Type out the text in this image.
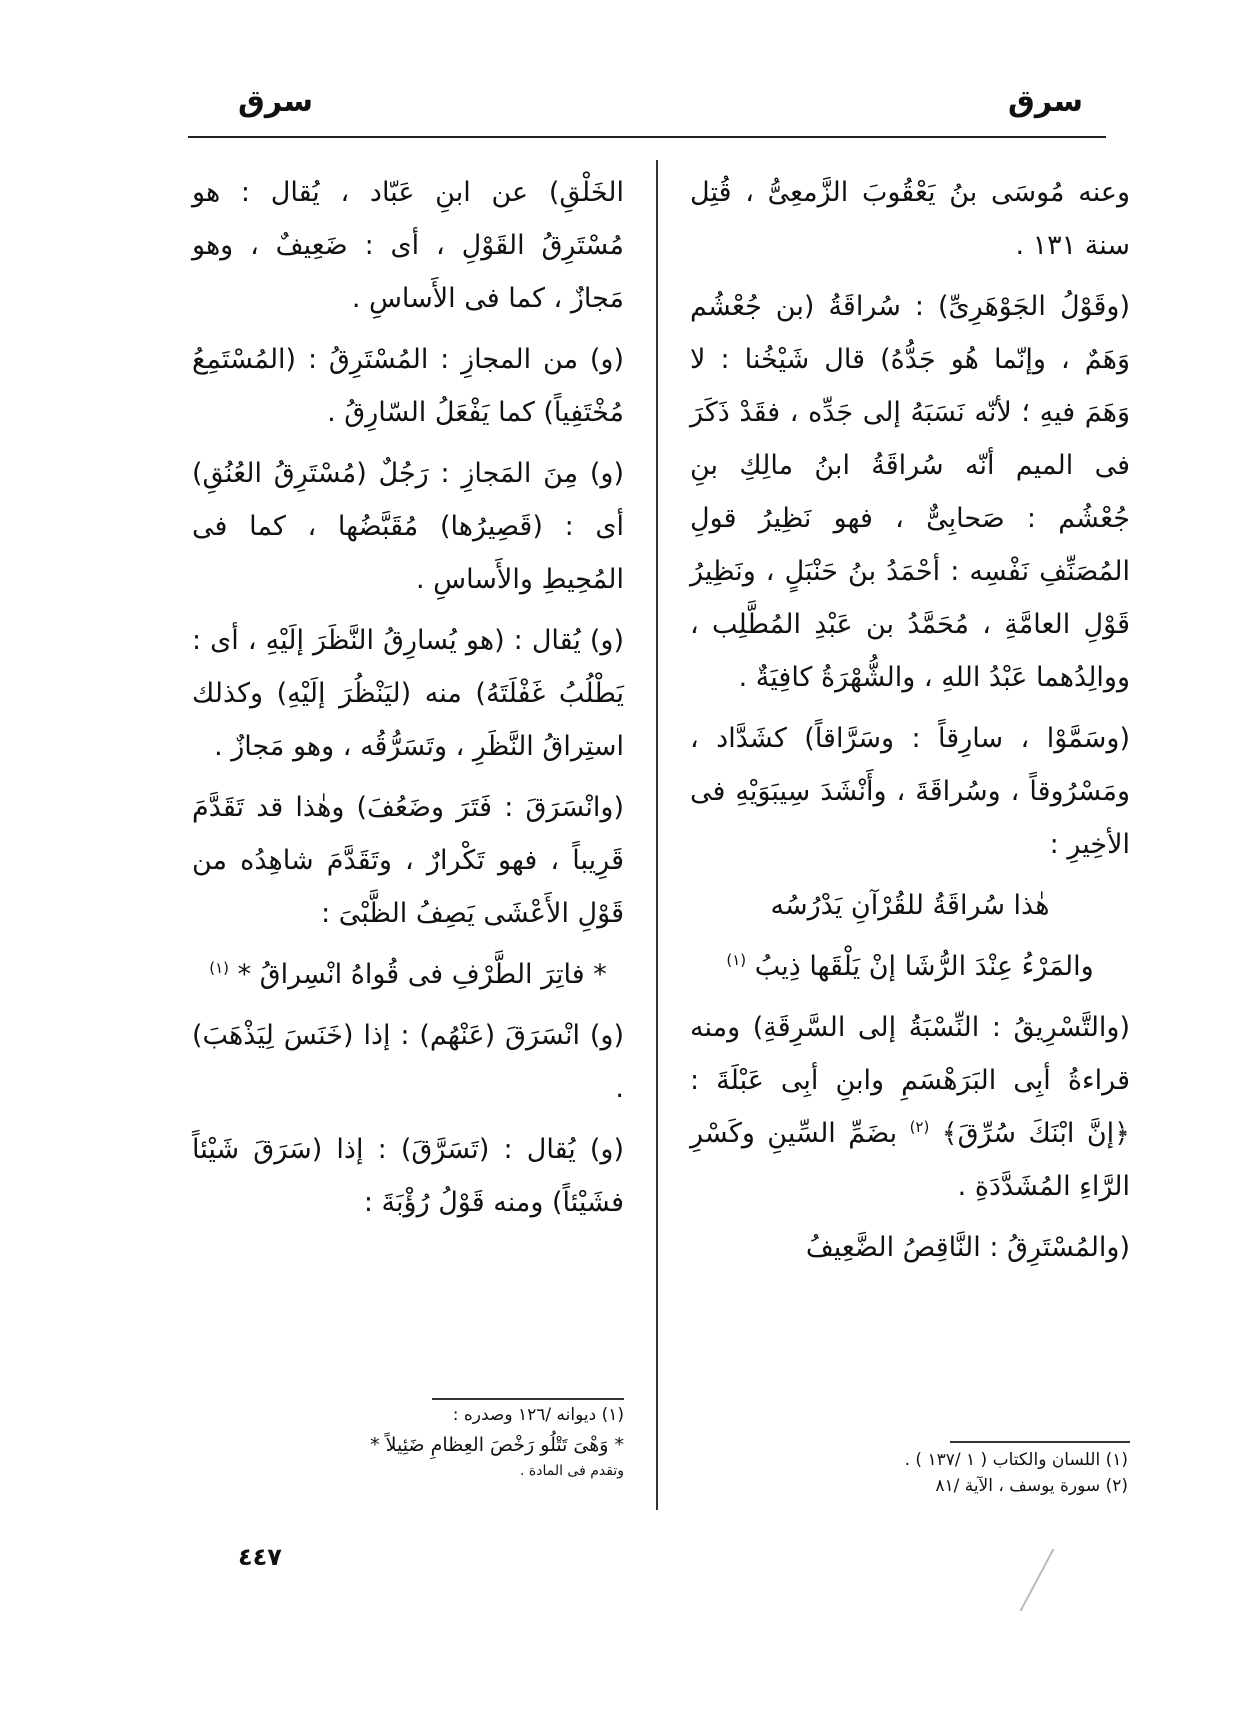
سرق
سرق

وعنه مُوسَى بنُ يَعْقُوبَ الزَّمعِىُّ ، قُتِل سنة ١٣١ .

(وقَوْلُ الجَوْهَرِىِّ) : سُراقَةُ (بن جُعْشُم وَهَمٌ ، وإنّما هُو جَدُّهُ) قال شَيْخُنا : لا وَهَمَ فيهِ ؛ لأنّه نَسَبَهُ إلى جَدِّه ، فقَدْ ذَكَرَ فى الميم أنّه سُراقَةُ ابنُ مالِكِ بنِ جُعْشُم : صَحابِىٌّ ، فهو نَظِيرُ قولِ المُصَنِّفِ نَفْسِه : أحْمَدُ بنُ حَنْبَلٍ ، ونَظِيرُ قَوْلِ العامَّةِ ، مُحَمَّدُ بن عَبْدِ المُطَّلِب ، ووالِدُهما عَبْدُ اللهِ ، والشُّهْرَةُ كافِيَةٌ .

(وسَمَّوْا ، سارِقاً : وسَرَّاقاً) كشَدَّاد ، ومَسْرُوقاً ، وسُراقَةَ ، وأَنْشَدَ سِيبَوَيْهِ فى الأخِيرِ :

هٰذا سُراقَةُ للقُرْآنِ يَدْرُسُه

والمَرْءُ عِنْدَ الرُّشَا إنْ يَلْقَها ذِيبُ $^{(١)}$

(والتَّسْرِيقُ : النِّسْبَةُ إلى السَّرِقَةِ) ومنه قراءةُ أبِى البَرَهْسَمِ وابنِ أبِى عَبْلَةَ : ﴿إنَّ ابْنَكَ سُرِّقَ﴾ $^{(٢)}$ بضَمِّ السِّينِ وكَسْرِ الرَّاءِ المُشَدَّدَةِ .

(والمُسْتَرِقُ : النَّاقِصُ الضَّعِيفُ

(١) اللسان والكتاب ( ١ /١٣٧ ) .

(٢) سورة يوسف ، الآية /٨١

الخَلْقِ) عن ابنِ عَبّاد ، يُقال : هو مُسْتَرِقُ القَوْلِ ، أى : ضَعِيفٌ ، وهو مَجازٌ ، كما فى الأَساسِ .

(و) من المجازِ : المُسْتَرِقُ : (المُسْتَمِعُ مُخْتَفِياً) كما يَفْعَلُ السّارِقُ .

(و) مِنَ المَجازِ : رَجُلٌ (مُسْتَرِقُ العُنُقِ) أى : (قَصِيرُها) مُقَبَّضُها ، كما فى المُحِيطِ والأَساسِ .

(و) يُقال : (هو يُسارِقُ النَّظَرَ إلَيْهِ ، أى : يَطْلُبُ غَفْلَتَهُ) منه (ليَنْظُرَ إلَيْهِ) وكذلك استِراقُ النَّظَرِ ، وتَسَرُّقُه ، وهو مَجازٌ .

(وانْسَرَقَ : فَتَرَ وضَعُفَ) وهٰذا قد تَقَدَّمَ قَرِيباً ، فهو تَكْرارٌ ، وتَقَدَّمَ شاهِدُه من قَوْلِ الأَعْشَى يَصِفُ الظَّبْىَ :

* فاتِرَ الطَّرْفِ فى قُواهُ انْسِراقُ * $^{(١)}$

(و) انْسَرَقَ (عَنْهُم) : إذا (خَنَسَ لِيَذْهَبَ) .

(و) يُقال : (تَسَرَّقَ) : إذا (سَرَقَ شَيْئاً فشَيْئاً) ومنه قَوْلُ رُؤْبَةَ :

(١) ديوانه /١٢٦ وصدره :

* وَهْىَ تَتْلُو رَخْصَ العِظامِ ضَئِيلاً *

وتقدم فى المادة .

٤٤٧
